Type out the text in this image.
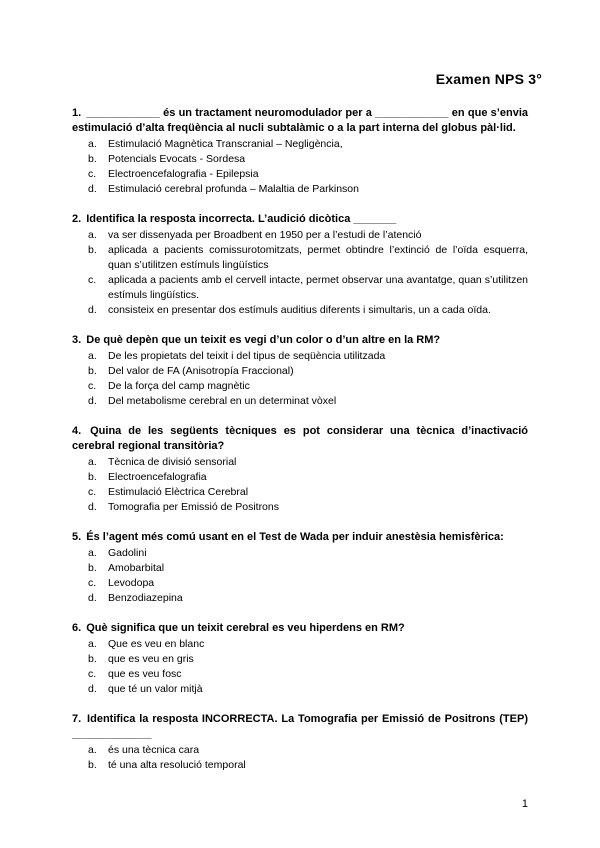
Examen NPS 3°
1. ____________ és un tractament neuromodulador per a ____________ en que s’envia estimulació d’alta freqüència al nucli subtalàmic o a la part interna del globus pàl·lid.
a. Estimulació Magnètica Transcranial – Negligència,
b. Potencials Evocats - Sordesa
c. Electroencefalografia - Epilepsia
d. Estimulació cerebral profunda – Malaltia de Parkinson
2. Identifica la resposta incorrecta. L’audició dicòtica _______
a. va ser dissenyada per Broadbent en 1950 per a l’estudi de l’atenció
b. aplicada a pacients comissurotomitzats, permet obtindre l’extinció de l’oïda esquerra, quan s’utilitzen estímuls lingüístics
c. aplicada a pacients amb el cervell intacte, permet observar una avantatge, quan s’utilitzen estímuls lingüístics.
d. consisteix en presentar dos estímuls auditius diferents i simultaris, un a cada oïda.
3. De què depèn que un teixit es vegi d’un color o d’un altre en la RM?
a. De les propietats del teixit i del tipus de seqüència utilitzada
b. Del valor de FA (Anisotropía Fraccional)
c. De la força del camp magnètic
d. Del metabolisme cerebral en un determinat vòxel
4. Quina de les següents tècniques es pot considerar una tècnica d’inactivació cerebral regional transitòria?
a. Tècnica de divisió sensorial
b. Electroencefalografia
c. Estimulació Elèctrica Cerebral
d. Tomografia per Emissió de Positrons
5. És l’agent més comú usant en el Test de Wada per induir anestèsia hemisfèrica:
a. Gadolini
b. Amobarbital
c. Levodopa
d. Benzodiazepina
6. Què significa que un teixit cerebral es veu hiperdens en RM?
a. Que es veu en blanc
b. que es veu en gris
c. que es veu fosc
d. que té un valor mitjà
7. Identifica la resposta INCORRECTA. La Tomografia per Emissió de Positrons (TEP) _____________
a. és una tècnica cara
b. té una alta resolució temporal
1
